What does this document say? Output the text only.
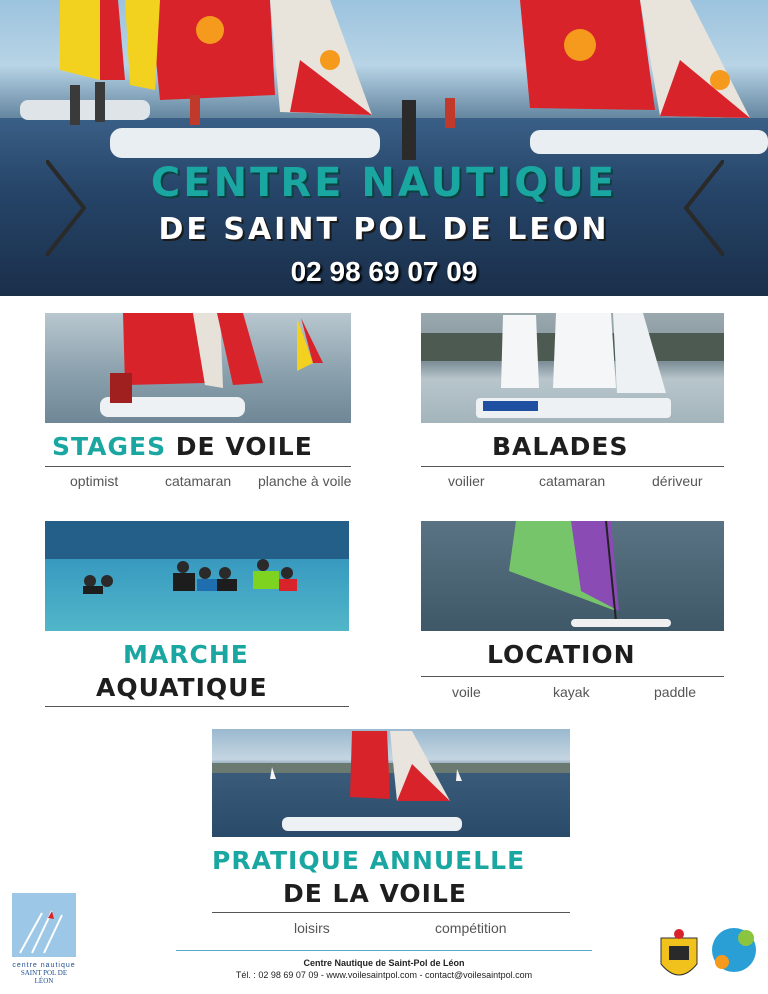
CENTRE NAUTIQUE
DE SAINT POL DE LEON
02 98 69 07 09
STAGES DE VOILE
optimist	catamaran planche à voile
BALADES
voilier	catamaran	dériveur
MARCHE
AQUATIQUE
LOCATION
voile	kayak	paddle
PRATIQUE ANNUELLE
DE LA VOILE
loisirs	compétition
Centre Nautique de Saint-Pol de Léon
Tél. : 02 98 69 07 09 - www.voilesaintpol.com - contact@voilesaintpol.com
centre nautique
SAINT POL DE LÉON
